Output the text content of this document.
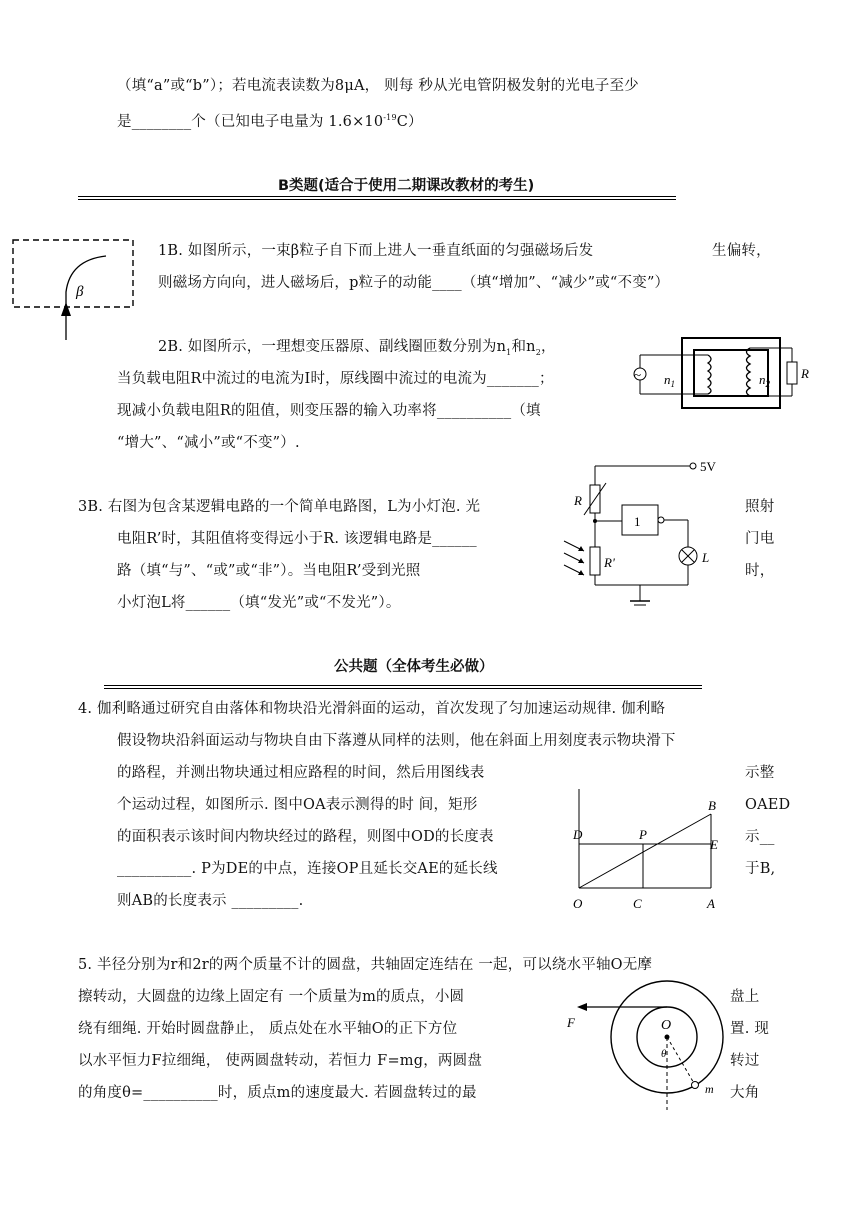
（填“a”或“b”）；若电流表读数为8μA， 则每 秒从光电管阴极发射的光电子至少
是________个（已知电子电量为 $1.6\times 10^{-19}C$）
B类题(适合于使用二期课改教材的考生)
β
1B. 如图所示，一束β粒子自下而上进人一垂直纸面的匀强磁场后发	生偏转，
则磁场方向向，进人磁场后，p粒子的动能____（填“增加”、“减少”或“不变”）
2B. 如图所示，一理想变压器原、副线圈匝数分别为$n_1$和$n_2$，
当负载电阻R中流过的电流为I时，原线圈中流过的电流为_______；
现减小负载电阻R的阻值，则变压器的输入功率将__________（填
“增大”、“减小”或“不变”）.
~ $n_1$	$n_2$
R
3B. 右图为包含某逻辑电路的一个简单电路图，L为小灯泡. 光	照射
电阻R’时，其阻值将变得远小于R. 该逻辑电路是______	门电
路（填“与”、“或”或“非”）。当电阻R’受到光照	时，
小灯泡L将______（填“发光”或“不发光”）。
5V
R
1
L
R'
公共题（全体考生必做）
4. 伽利略通过研究自由落体和物块沿光滑斜面的运动，首次发现了匀加速运动规律. 伽利略
假设物块沿斜面运动与物块自由下落遵从同样的法则，他在斜面上用刻度表示物块滑下
的路程，并测出物块通过相应路程的时间，然后用图线表	示整
个运动过程，如图所示. 图中OA表示测得的时 间，矩形	OAED
的面积表示该时间内物块经过的路程，则图中OD的长度表	示__
__________. P为DE的中点，连接OP且延长交AE的延长线	于B,
则AB的长度表示 _________.
B
D	P
E
O	C	A
5. 半径分别为r和2r的两个质量不计的圆盘，共轴固定连结在 一起，可以绕水平轴O无摩
擦转动，大圆盘的边缘上固定有 一个质量为m的质点，小圆	盘上
绕有细绳. 开始时圆盘静止， 质点处在水平轴O的正下方位	置. 现
以水平恒力F拉细绳， 使两圆盘转动，若恒力 F=mg，两圆盘	转过
的角度θ=__________时，质点m的速度最大. 若圆盘转过的最	大角
F	O
θ
m
